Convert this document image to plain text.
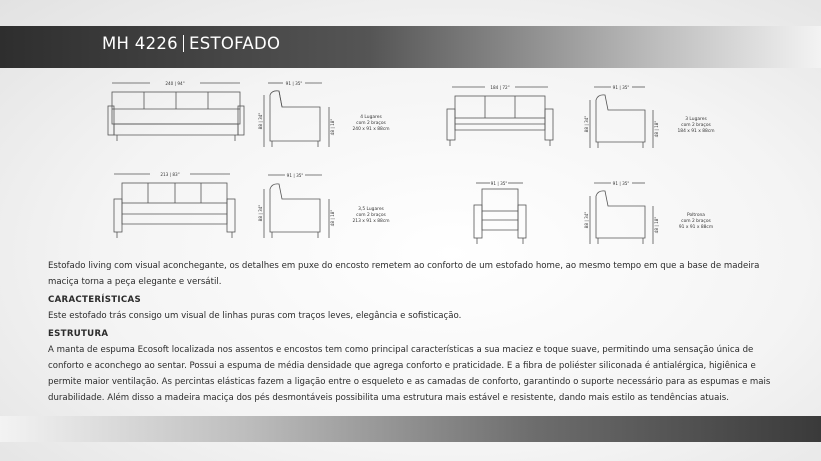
MH 4226 ESTOFADO
240 | 94"	91 | 35"
88 | 34"	48 | 18"
184 | 72"	91 | 35"
88 | 34"	48 | 18"
213 | 83"	91 | 35"
88 | 34"	48 | 18"
91 | 35"	91 | 35"
88 | 34"	48 | 18"
4 Lugares
com 2 braços
240 x 91 x 88cm
3 Lugares
com 2 braços
184 x 91 x 88cm
3,5 Lugares
com 2 braços
213 x 91 x 88cm
Poltrona
com 2 braços
91 x 91 x 88cm

Estofado living com visual aconchegante, os detalhes em puxe do encosto remetem ao conforto de um estofado home, ao mesmo tempo em que a base de madeira maciça torna a peça elegante e versátil.

CARACTERÍSTICAS

Este estofado trás consigo um visual de linhas puras com traços leves, elegância e sofisticação.

ESTRUTURA

A manta de espuma Ecosoft localizada nos assentos e encostos tem como principal características a sua maciez e toque suave, permitindo uma sensação única de conforto e aconchego ao sentar. Possui a espuma de média densidade que agrega conforto e praticidade. E a fibra de poliéster siliconada é antialérgica, higiênica e permite maior ventilação. As percintas elásticas fazem a ligação entre o esqueleto e as camadas de conforto, garantindo o suporte necessário para as espumas e mais durabilidade. Além disso a madeira maciça dos pés desmontáveis possibilita uma estrutura mais estável e resistente, dando mais estilo as tendências atuais.
